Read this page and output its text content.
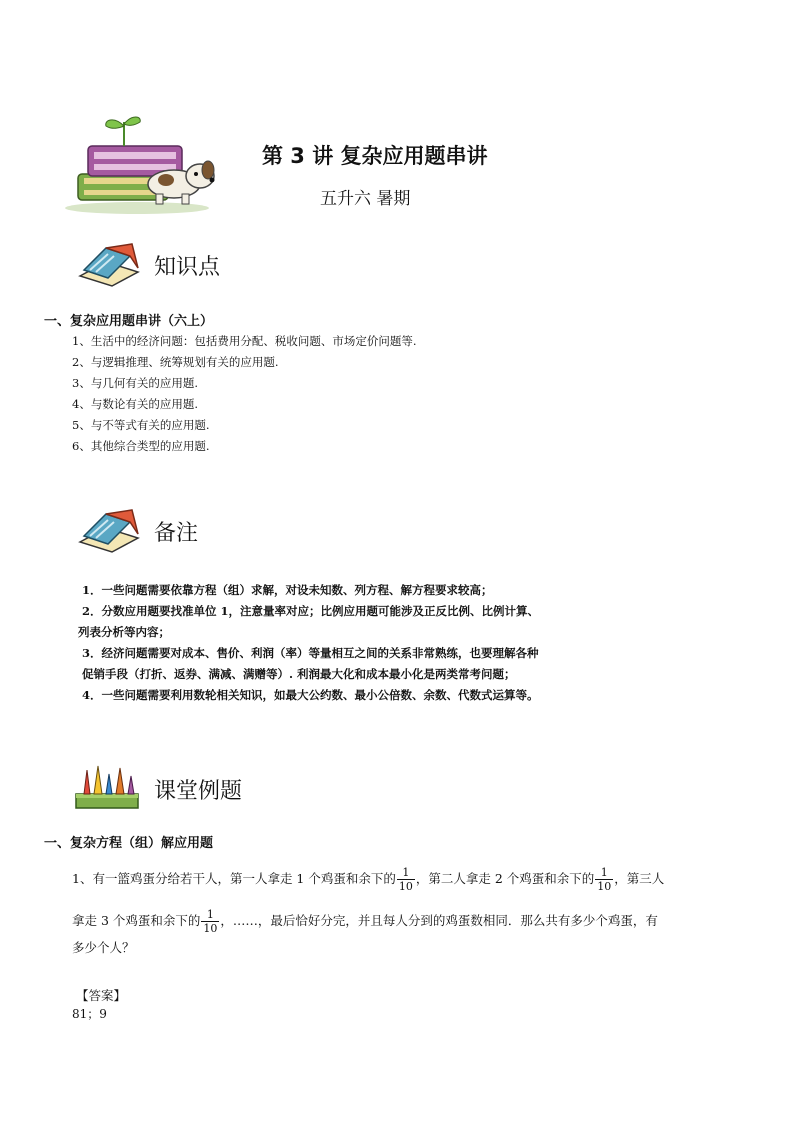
第 3 讲 复杂应用题串讲
五升六 暑期
知识点
一、复杂应用题串讲（六上）
1、生活中的经济问题：包括费用分配、税收问题、市场定价问题等.
2、与逻辑推理、统筹规划有关的应用题.
3、与几何有关的应用题.
4、与数论有关的应用题.
5、与不等式有关的应用题.
6、其他综合类型的应用题.
备注

1．一些问题需要依靠方程（组）求解，对设未知数、列方程、解方程要求较高；

2．分数应用题要找准单位 1，注意量率对应；比例应用题可能涉及正反比例、比例计算、

列表分析等内容；

3．经济问题需要对成本、售价、利润（率）等量相互之间的关系非常熟练，也要理解各种

促销手段（打折、返券、满减、满赠等）. 利润最大化和成本最小化是两类常考问题；

4．一些问题需要利用数轮相关知识，如最大公约数、最小公倍数、余数、代数式运算等。

课堂例题
一、复杂方程（组）解应用题
1、有一篮鸡蛋分给若干人，第一人拿走 1 个鸡蛋和余下的 $\frac{1}{10}$ ，第二人拿走 2 个鸡蛋和余下的 $\frac{1}{10}$ ，第三人
拿走 3 个鸡蛋和余下的 $\frac{1}{10}$ ，……，最后恰好分完，并且每人分到的鸡蛋数相同．那么共有多少个鸡蛋，有
多少个人？
【答案】
81；9
